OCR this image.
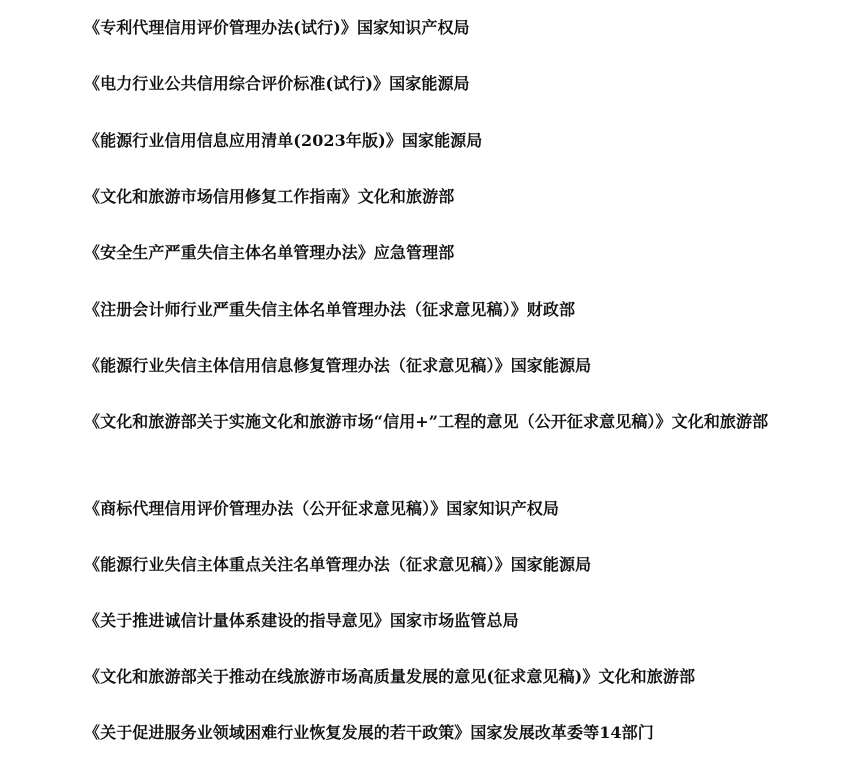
《专利代理信用评价管理办法(试行)》国家知识产权局
《电力行业公共信用综合评价标准(试行)》国家能源局
《能源行业信用信息应用清单(2023年版)》国家能源局
《文化和旅游市场信用修复工作指南》文化和旅游部
《安全生产严重失信主体名单管理办法》应急管理部
《注册会计师行业严重失信主体名单管理办法（征求意见稿）》财政部
《能源行业失信主体信用信息修复管理办法（征求意见稿）》国家能源局
《文化和旅游部关于实施文化和旅游市场“信用+”工程的意见（公开征求意见稿）》文化和旅游部
《商标代理信用评价管理办法（公开征求意见稿）》国家知识产权局
《能源行业失信主体重点关注名单管理办法（征求意见稿）》国家能源局
《关于推进诚信计量体系建设的指导意见》国家市场监管总局
《文化和旅游部关于推动在线旅游市场高质量发展的意见(征求意见稿)》文化和旅游部
《关于促进服务业领域困难行业恢复发展的若干政策》国家发展改革委等14部门
